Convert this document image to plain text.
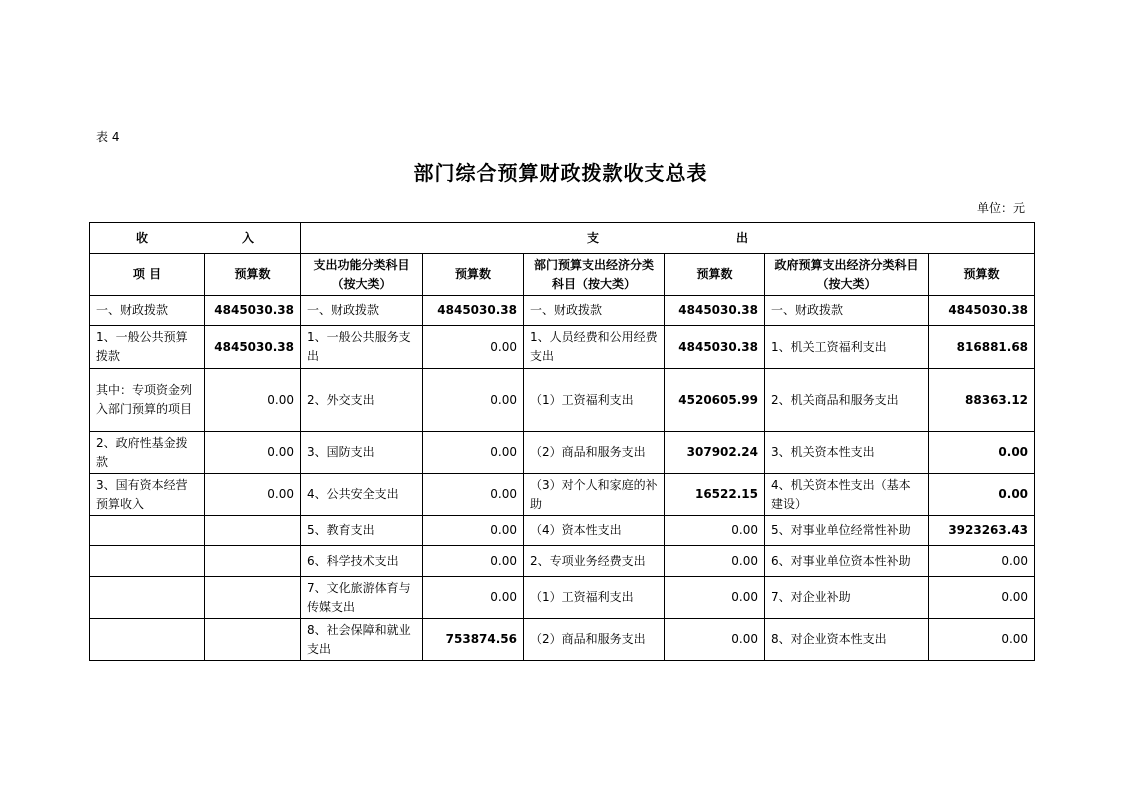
表 4
部门综合预算财政拨款收支总表
单位：元
收 入		支 出					

项 目	预算数	支出功能分类科目（按大类）	预算数	部门预算支出经济分类科目（按大类）	预算数	政府预算支出经济分类科目（按大类）	预算数
一、财政拨款	4845030.38	一、财政拨款	4845030.38	一、财政拨款	4845030.38	一、财政拨款	4845030.38
1、一般公共预算拨款	4845030.38	1、一般公共服务支出	0.00	1、人员经费和公用经费支出	4845030.38	1、机关工资福利支出	816881.68
其中：专项资金列入部门预算的项目	0.00	2、外交支出	0.00	（1）工资福利支出	4520605.99	2、机关商品和服务支出	88363.12
2、政府性基金拨款	0.00	3、国防支出	0.00	（2）商品和服务支出	307902.24	3、机关资本性支出	0.00
3、国有资本经营预算收入	0.00	4、公共安全支出	0.00	（3）对个人和家庭的补助	16522.15	4、机关资本性支出（基本建设）	0.00
		5、教育支出	0.00	（4）资本性支出	0.00	5、对事业单位经常性补助	3923263.43
		6、科学技术支出	0.00	2、专项业务经费支出	0.00	6、对事业单位资本性补助	0.00
		7、文化旅游体育与传媒支出	0.00	（1）工资福利支出	0.00	7、对企业补助	0.00
		8、社会保障和就业支出	753874.56	（2）商品和服务支出	0.00	8、对企业资本性支出	0.00
